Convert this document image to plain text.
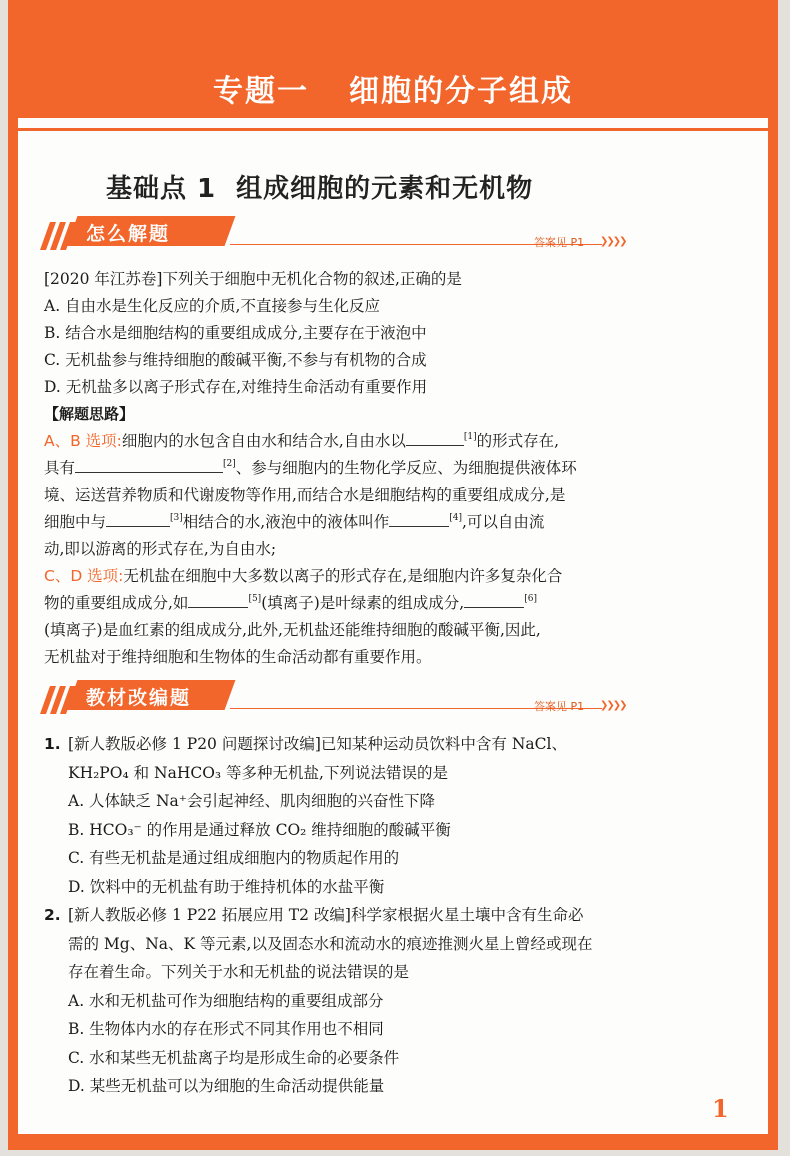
专题一 细胞的分子组成
基础点 1 组成细胞的元素和无机物
怎么解题	答案见 P1 ❯❯❯❯
[2020 年江苏卷]下列关于细胞中无机化合物的叙述,正确的是
A. 自由水是生化反应的介质,不直接参与生化反应
B. 结合水是细胞结构的重要组成成分,主要存在于液泡中
C. 无机盐参与维持细胞的酸碱平衡,不参与有机物的合成
D. 无机盐多以离子形式存在,对维持生命活动有重要作用
【解题思路】
A、B 选项:细胞内的水包含自由水和结合水,自由水以	[1]的形式存在,
具有	[2]、参与细胞内的生物化学反应、为细胞提供液体环
境、运送营养物质和代谢废物等作用,而结合水是细胞结构的重要组成成分,是
细胞中与	[3]相结合的水,液泡中的液体叫作	[4],可以自由流
动,即以游离的形式存在,为自由水;
C、D 选项:无机盐在细胞中大多数以离子的形式存在,是细胞内许多复杂化合
物的重要组成成分,如	[5](填离子)是叶绿素的组成成分,	[6]
(填离子)是血红素的组成成分,此外,无机盐还能维持细胞的酸碱平衡,因此,
无机盐对于维持细胞和生物体的生命活动都有重要作用。
教材改编题	答案见 P1 ❯❯❯❯
1. [新人教版必修 1 P20 问题探讨改编]已知某种运动员饮料中含有 NaCl、
KH₂PO₄ 和 NaHCO₃ 等多种无机盐,下列说法错误的是
A. 人体缺乏 Na⁺会引起神经、肌肉细胞的兴奋性下降
B. HCO₃⁻ 的作用是通过释放 CO₂ 维持细胞的酸碱平衡
C. 有些无机盐是通过组成细胞内的物质起作用的
D. 饮料中的无机盐有助于维持机体的水盐平衡
2. [新人教版必修 1 P22 拓展应用 T2 改编]科学家根据火星土壤中含有生命必
需的 Mg、Na、K 等元素,以及固态水和流动水的痕迹推测火星上曾经或现在
存在着生命。下列关于水和无机盐的说法错误的是
A. 水和无机盐可作为细胞结构的重要组成部分
B. 生物体内水的存在形式不同其作用也不相同
C. 水和某些无机盐离子均是形成生命的必要条件
D. 某些无机盐可以为细胞的生命活动提供能量
1
